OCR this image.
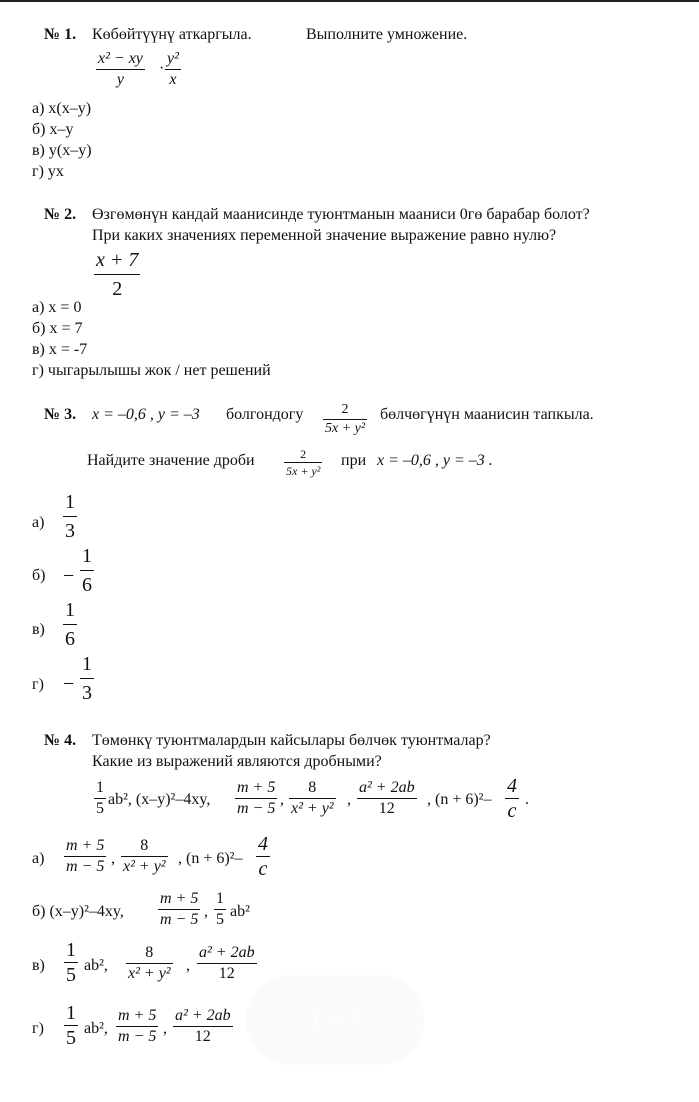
№ 1. Көбөйтүүнү аткаргыла.	Выполните умножение.
x² − xy
y
·
y²
x
а) x(x–y)
б) x–y
в) y(x–y)
г) yx
№ 2. Өзгөмөнүн кандай маанисинде туюнтманын мааниси 0гө барабар болот?
При каких значениях переменной значение выражение равно нулю?
x + 7
2
а) x = 0
б) x = 7
в) x = -7
г) чыгарылышы жок / нет решений
№ 3. x = –0,6 , y = –3 болгондогу	2
5x + y²
бөлчөгүнүн маанисин тапкыла.
Найдите значение дроби	2
5x + y²
при x = –0,6 , y = –3 .
а)
1
3
б) −
1
6
в)
1
6
г) −
1
3
№ 4. Төмөнкү туюнтмалардын кайсылары бөлчөк туюнтмалар?
Какие из выражений являются дробными?
1
5
ab², (x–y)²–4xy,
m + 5
m − 5
,
8
x² + y²
,
a² + 2ab
12
, (n + 6)²–
4
c
.
а)
m + 5
m − 5 ,
8
x² + y² , (n + 6)²–
4
c
б) (x–y)²–4xy,
m + 5
m − 5 ,
1
5 ab²
в)
1
5 ab²,
8
x² + y² ,
a² + 2ab
12
г)
1
5 ab²,
m + 5
m − 5 ,
a² + 2ab
12
1 из 3
